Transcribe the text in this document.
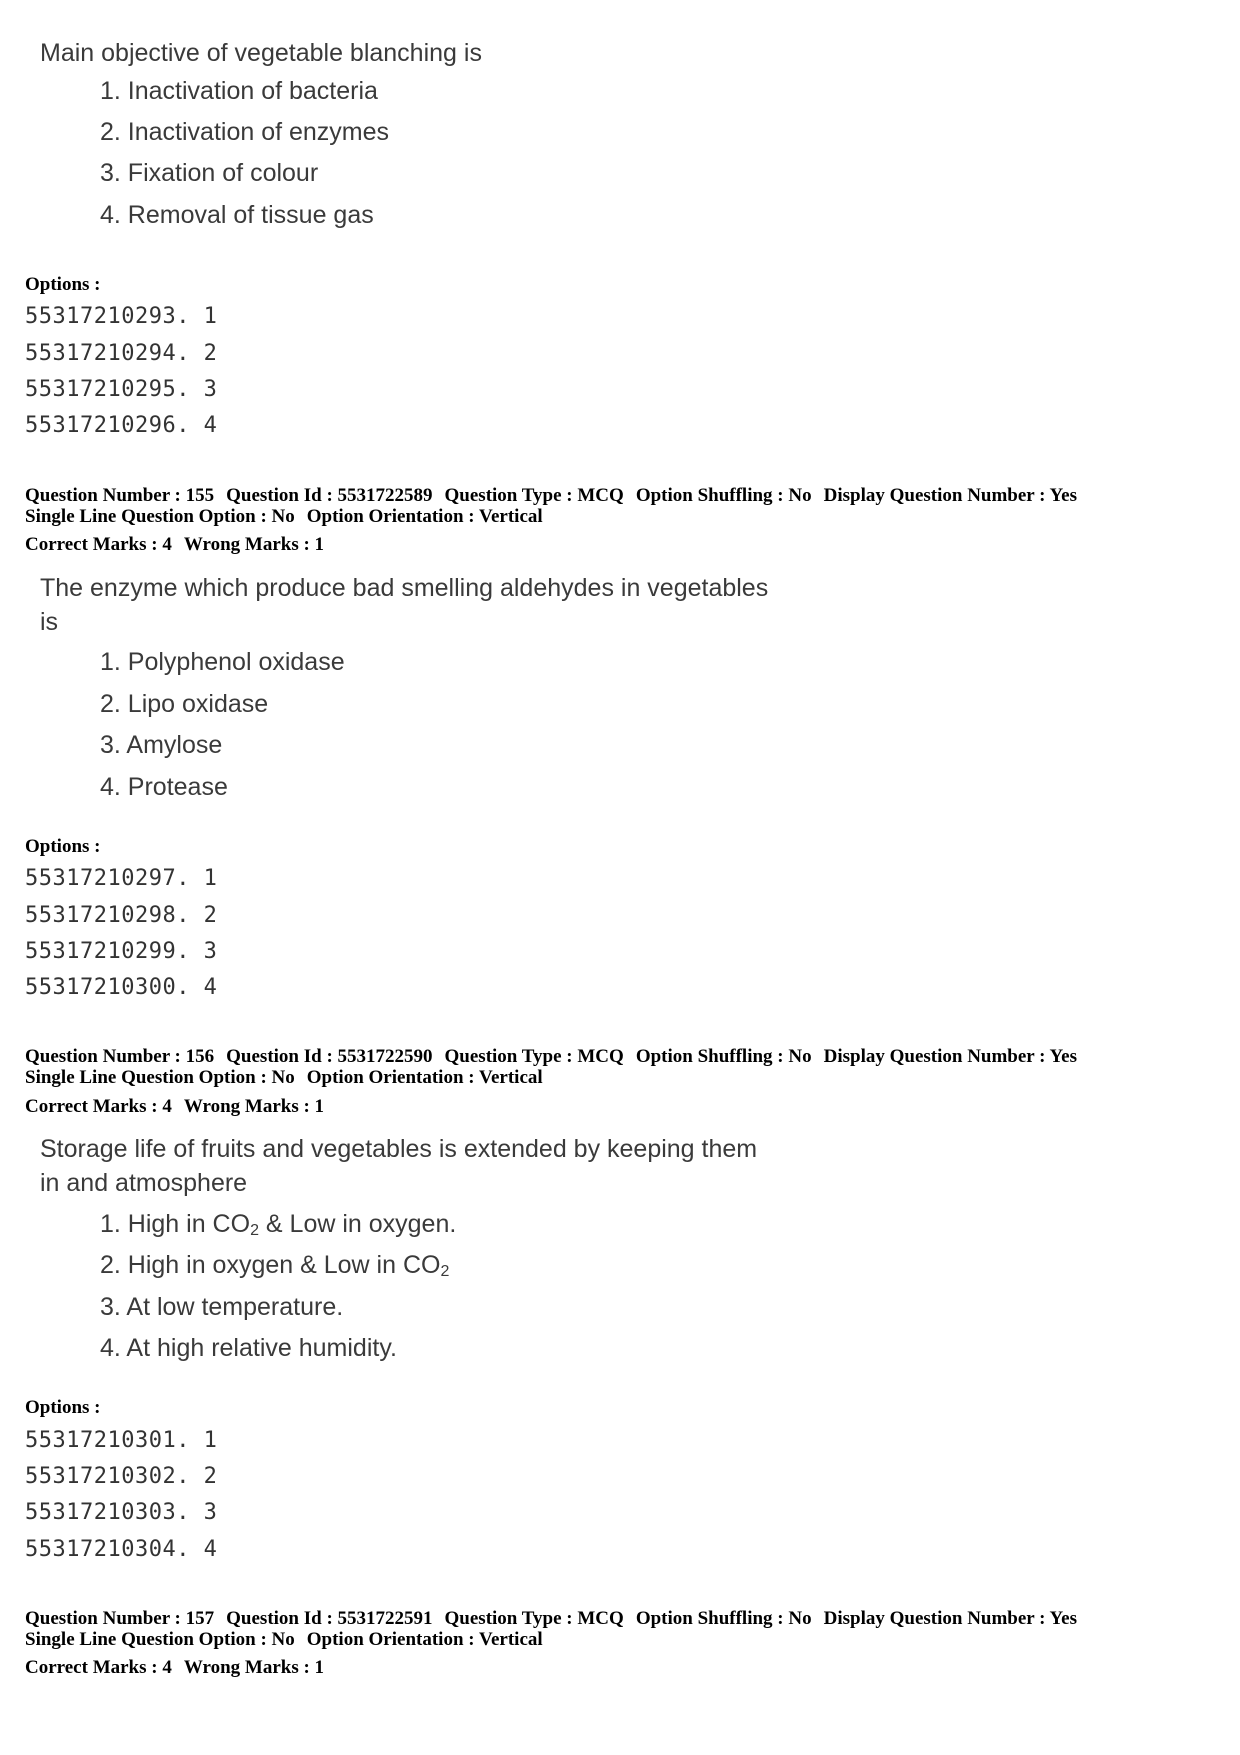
Main objective of vegetable blanching is
1. Inactivation of bacteria
2. Inactivation of enzymes
3. Fixation of colour
4. Removal of tissue gas
Options :
55317210293. 1
55317210294. 2
55317210295. 3
55317210296. 4
Question Number : 155 Question Id : 5531722589 Question Type : MCQ Option Shuffling : No Display Question Number : Yes
Single Line Question Option : No Option Orientation : Vertical
Correct Marks : 4 Wrong Marks : 1
The enzyme which produce bad smelling aldehydes in vegetables
is
1. Polyphenol oxidase
2. Lipo oxidase
3. Amylose
4. Protease
Options :
55317210297. 1
55317210298. 2
55317210299. 3
55317210300. 4
Question Number : 156 Question Id : 5531722590 Question Type : MCQ Option Shuffling : No Display Question Number : Yes
Single Line Question Option : No Option Orientation : Vertical
Correct Marks : 4 Wrong Marks : 1
Storage life of fruits and vegetables is extended by keeping them
in and atmosphere
1. High in $CO_2$ & Low in oxygen.
2. High in oxygen & Low in $CO_2$
3. At low temperature.
4. At high relative humidity.
Options :
55317210301. 1
55317210302. 2
55317210303. 3
55317210304. 4
Question Number : 157 Question Id : 5531722591 Question Type : MCQ Option Shuffling : No Display Question Number : Yes
Single Line Question Option : No Option Orientation : Vertical
Correct Marks : 4 Wrong Marks : 1
